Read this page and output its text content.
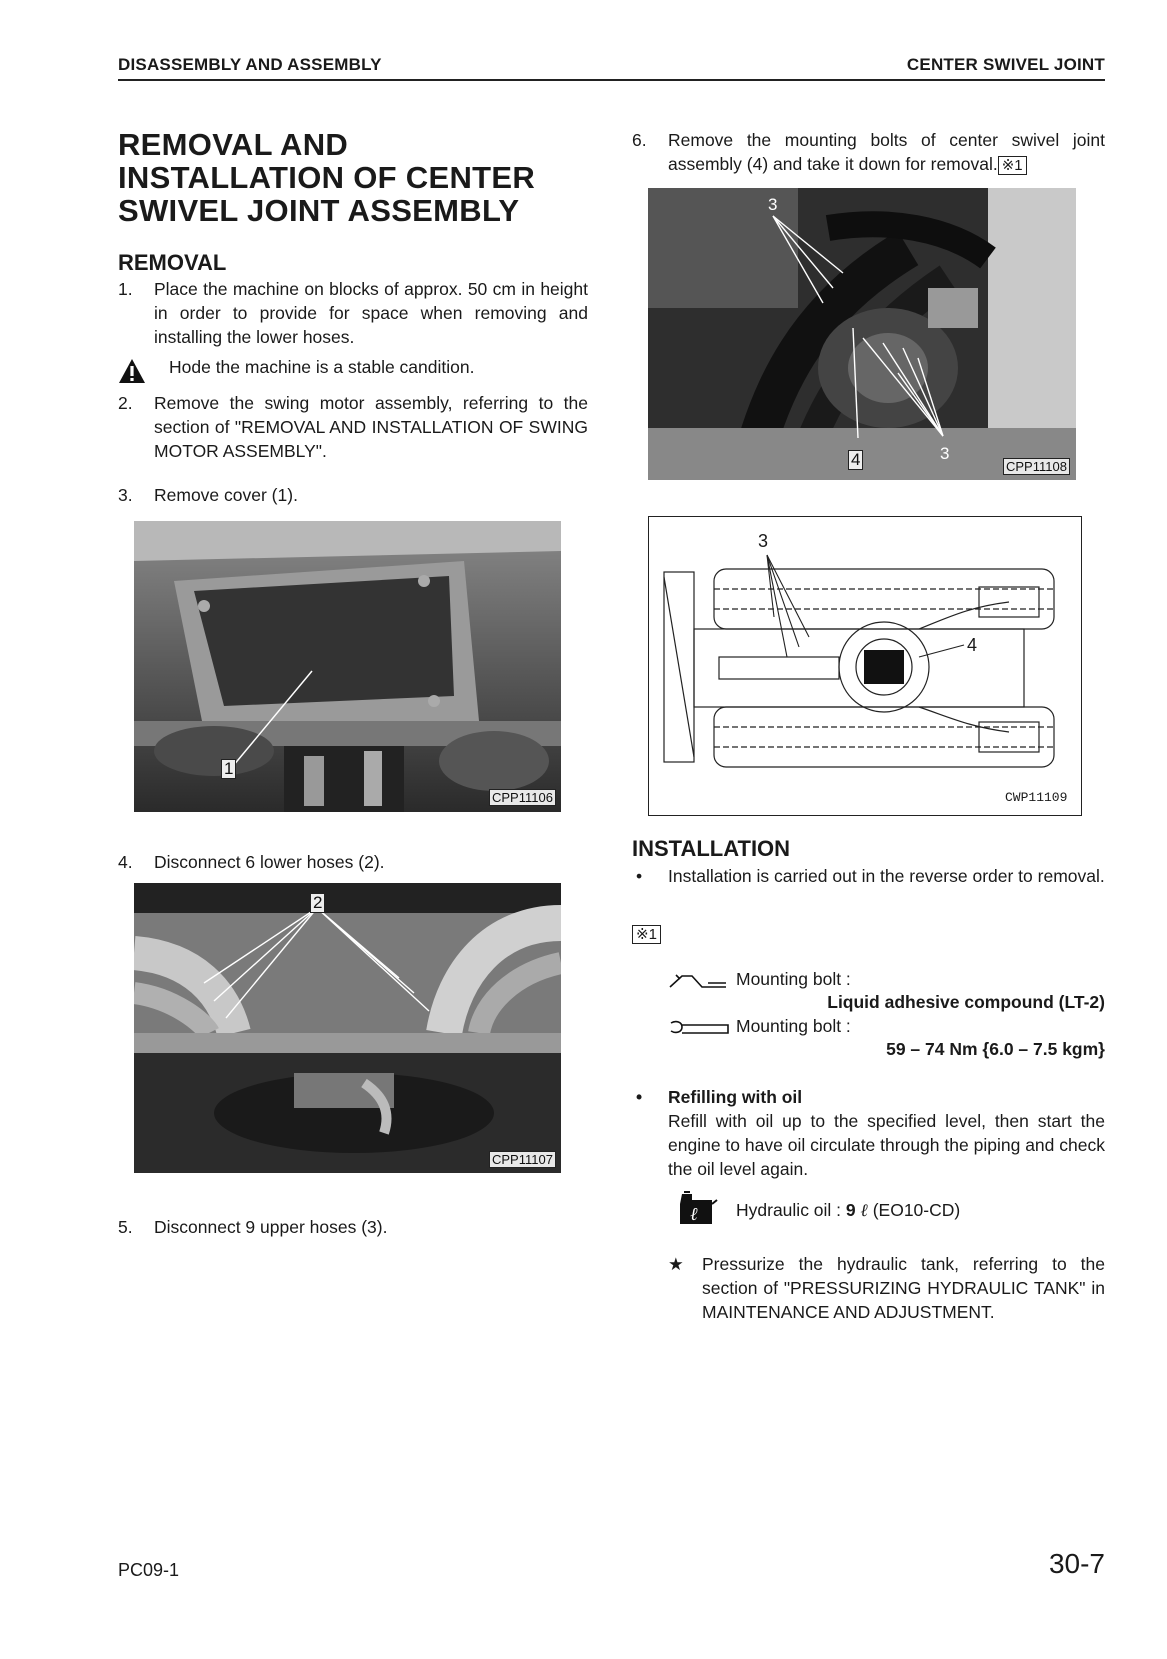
DISASSEMBLY AND ASSEMBLY	CENTER SWIVEL JOINT
REMOVAL AND
INSTALLATION OF CENTER
SWIVEL JOINT ASSEMBLY
REMOVAL
1. Place the machine on blocks of approx. 50 cm in height in order to provide for space when removing and installing the lower hoses.
Hode the machine is a stable candition.
2. Remove the swing motor assembly, referring to the section of "REMOVAL AND INSTALLATION OF SWING MOTOR ASSEMBLY".
3. Remove cover (1).
1
CPP11106
4. Disconnect 6 lower hoses (2).
2
CPP11107
5. Disconnect 9 upper hoses (3).
6. Remove the mounting bolts of center swivel joint assembly (4) and take it down for removal. ※1
3
4	3
CPP11108
3
4
CWP11109
INSTALLATION
• Installation is carried out in the reverse order to removal.
※1
Mounting bolt :
Liquid adhesive compound (LT-2)
Mounting bolt :
59 – 74 Nm {6.0 – 7.5 kgm}
• Refilling with oil
Refill with oil up to the specified level, then start the engine to have oil circulate through the piping and check the oil level again.
ℓ Hydraulic oil : 9 ℓ (EO10-CD)
★ Pressurize the hydraulic tank, referring to the section of "PRESSURIZING HYDRAULIC TANK" in MAINTENANCE AND ADJUSTMENT.
PC09-1	30-7
